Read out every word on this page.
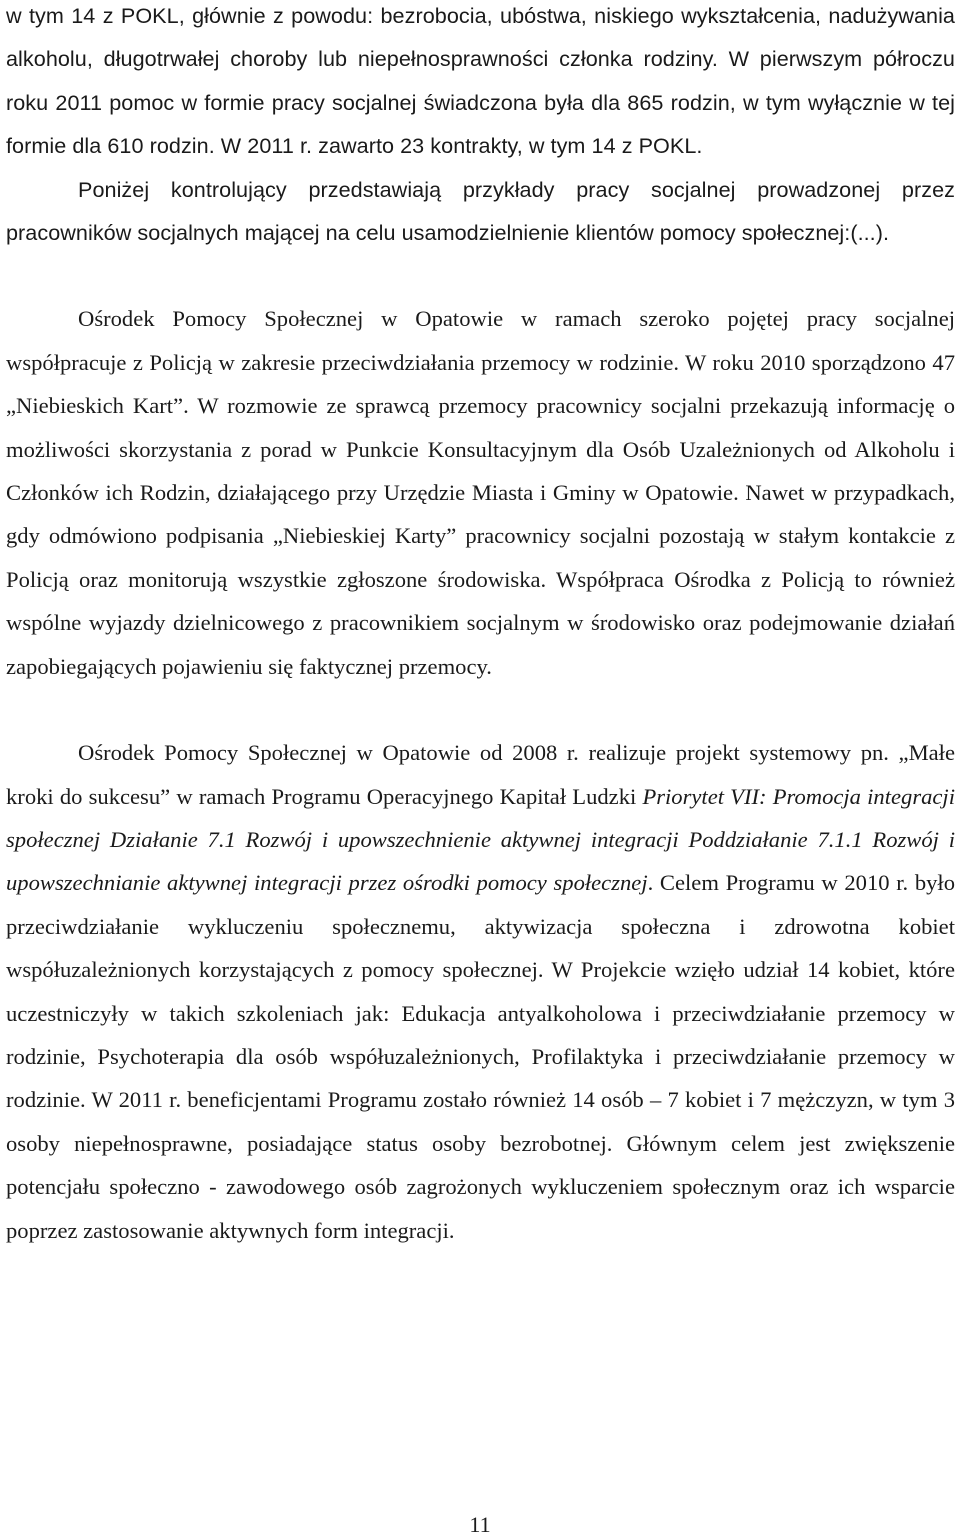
w tym 14 z POKL, głównie z powodu: bezrobocia, ubóstwa, niskiego wykształcenia, nadużywania alkoholu, długotrwałej choroby lub niepełnosprawności członka rodziny. W pierwszym półroczu roku 2011 pomoc w formie pracy socjalnej świadczona była dla 865 rodzin, w tym wyłącznie w tej formie dla 610 rodzin. W 2011 r. zawarto 23 kontrakty, w tym 14 z POKL.

Poniżej kontrolujący przedstawiają przykłady pracy socjalnej prowadzonej przez pracowników socjalnych mającej na celu usamodzielnienie klientów pomocy społecznej:(...).

Ośrodek Pomocy Społecznej w Opatowie w ramach szeroko pojętej pracy socjalnej współpracuje z Policją w zakresie przeciwdziałania przemocy w rodzinie. W roku 2010 sporządzono 47 „Niebieskich Kart”. W rozmowie ze sprawcą przemocy pracownicy socjalni przekazują informację o możliwości skorzystania z porad w Punkcie Konsultacyjnym dla Osób Uzależnionych od Alkoholu i Członków ich Rodzin, działającego przy Urzędzie Miasta i Gminy w Opatowie. Nawet w przypadkach, gdy odmówiono podpisania „Niebieskiej Karty” pracownicy socjalni pozostają w stałym kontakcie z Policją oraz monitorują wszystkie zgłoszone środowiska. Współpraca Ośrodka z Policją to również wspólne wyjazdy dzielnicowego z pracownikiem socjalnym w środowisko oraz podejmowanie działań zapobiegających pojawieniu się faktycznej przemocy.

Ośrodek Pomocy Społecznej w Opatowie od 2008 r. realizuje projekt systemowy pn. „Małe kroki do sukcesu” w ramach Programu Operacyjnego Kapitał Ludzki Priorytet VII: Promocja integracji społecznej Działanie 7.1 Rozwój i upowszechnienie aktywnej integracji Poddziałanie 7.1.1 Rozwój i upowszechnianie aktywnej integracji przez ośrodki pomocy społecznej. Celem Programu w 2010 r. było przeciwdziałanie wykluczeniu społecznemu, aktywizacja społeczna i zdrowotna kobiet współuzależnionych korzystających z pomocy społecznej. W Projekcie wzięło udział 14 kobiet, które uczestniczyły w takich szkoleniach jak: Edukacja antyalkoholowa i przeciwdziałanie przemocy w rodzinie, Psychoterapia dla osób współuzależnionych, Profilaktyka i przeciwdziałanie przemocy w rodzinie. W 2011 r. beneficjentami Programu zostało również 14 osób – 7 kobiet i 7 mężczyzn, w tym 3 osoby niepełnosprawne, posiadające status osoby bezrobotnej. Głównym celem jest zwiększenie potencjału społeczno - zawodowego osób zagrożonych wykluczeniem społecznym oraz ich wsparcie poprzez zastosowanie aktywnych form integracji.

11
